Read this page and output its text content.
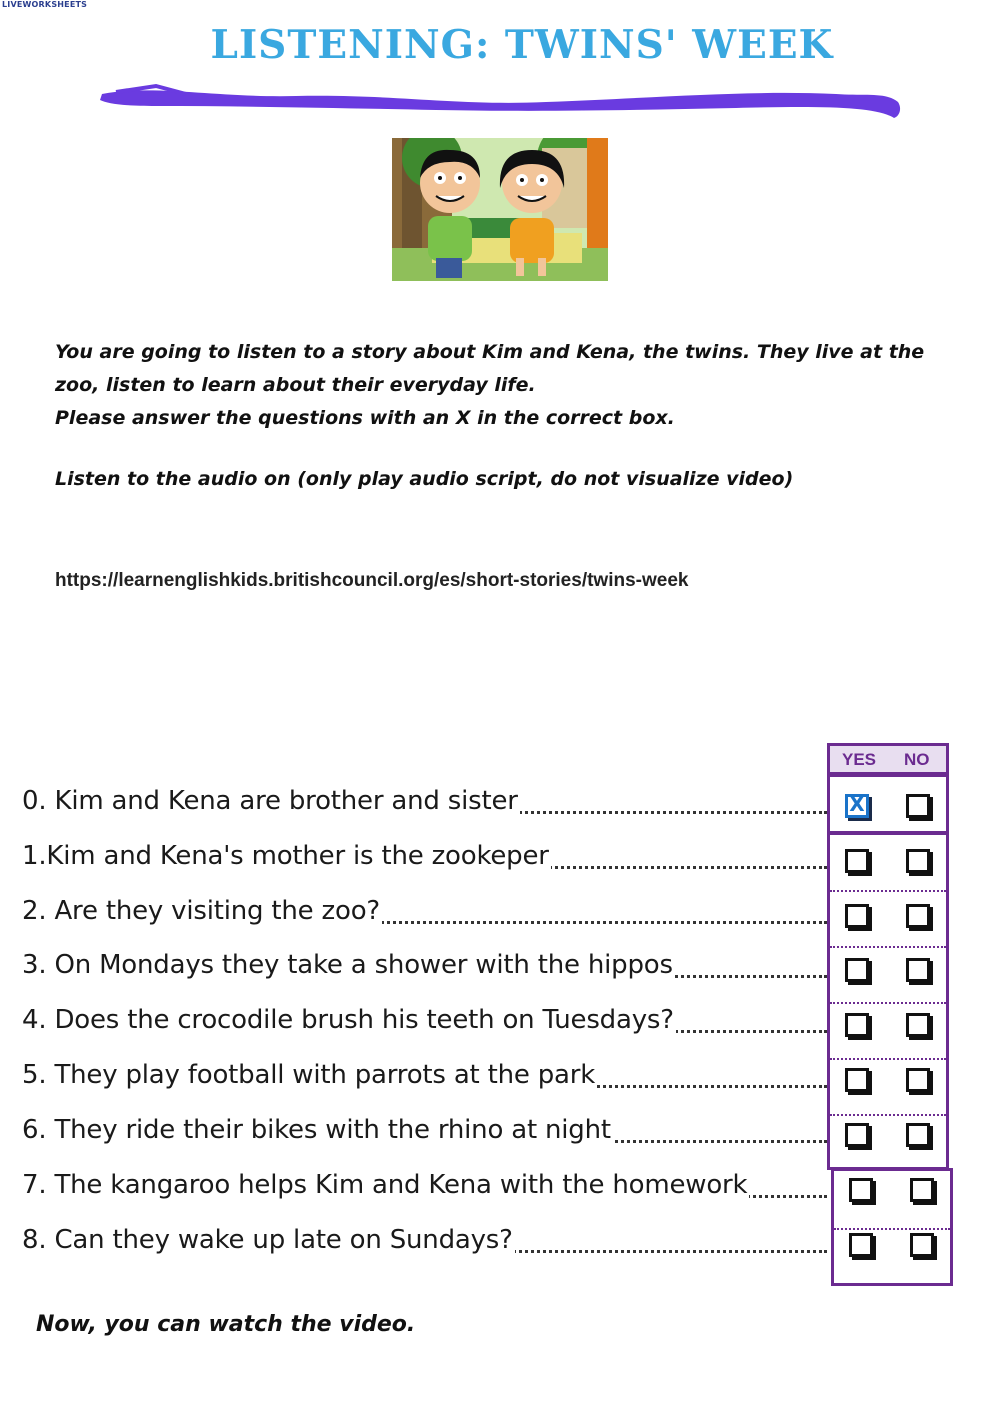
LIVEWORKSHEETS
LISTENING: TWINS' WEEK

You are going to listen to a story about Kim and Kena, the twins. They live at the zoo, listen to learn about their everyday life.

Please answer the questions with an X in the correct box.

Listen to the audio on (only play audio script, do not visualize video)
https://learnenglishkids.britishcouncil.org/es/short-stories/twins-week
YES NO
0. Kim and Kena are brother and sister	X
1.Kim and Kena's mother is the zookeper
2. Are they visiting the zoo?
3. On Mondays they take a shower with the hippos
4. Does the crocodile brush his teeth on Tuesdays?
5. They play football with parrots at the park
6. They ride their bikes with the rhino at night
7. The kangaroo helps Kim and Kena with the homework
8. Can they wake up late on Sundays?
Now, you can watch the video.
